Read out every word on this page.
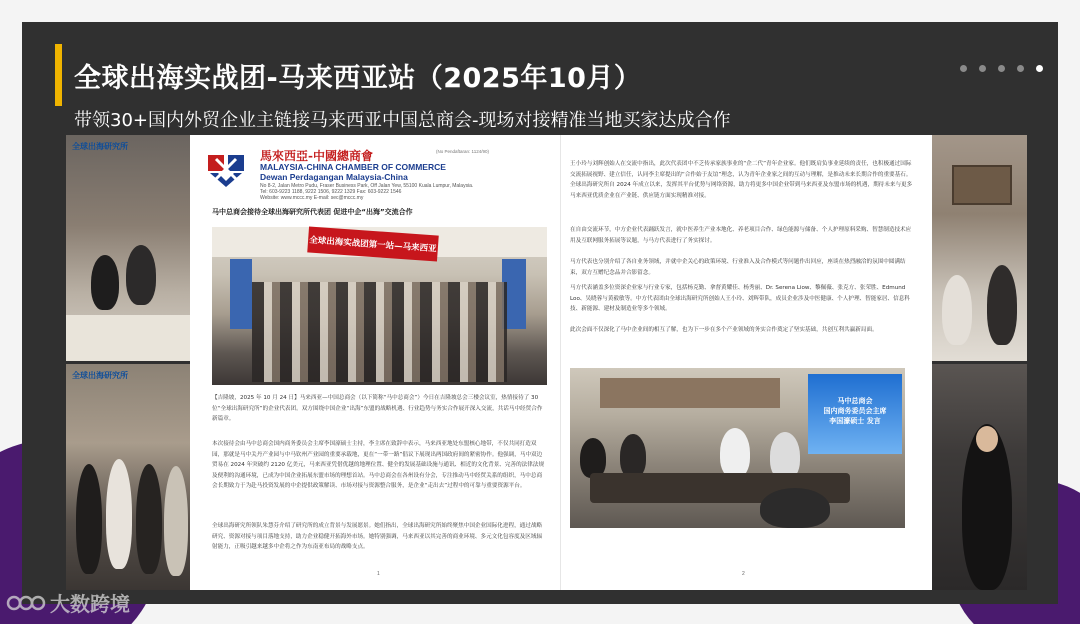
全球出海实战团-马来西亚站（2025年10月）
带领30+国内外贸企业主链接马来西亚中国总商会-现场对接精准当地买家达成合作
全球出海研究所
全球出海研究所
馬來西亞-中國總商會	(No Pendaftaran: 1124/90)
MALAYSIA-CHINA CHAMBER OF COMMERCE
Dewan Perdagangan Malaysia-China
No 8-2, Jalan Metro Pudu, Fraser Business Park, Off Jalan Yew, 55100 Kuala Lumpur, Malaysia.
Tel: 603-9223 1188, 9222 1506, 9222 1329 Fax: 603-9222 1546
Website: www.mccc.my E-mail: sec@mccc.my
马中总商会接待全球出海研究所代表团 促进中企“出海”交流合作
全球出海实战团第一站—马来西亚
【吉隆坡，2025 年 10 月 24 日】马来西亚—中国总商会（以下简称“马中总商会”）今日在吉隆坡总会三楼会议室，热情接待了 30 位“全球出海研究所”的企业代表团。双方围绕中国企业“出海”东盟的战略机遇、行业趋势与务实合作展开深入交流，共话马中经贸合作新篇章。
本次接待会由马中总商会国内商务委员会主席李国濠硕士主持，李主席在致辞中表示，马来西亚地处东盟核心地带，不仅共同打造双园，那就是马中关丹产业园与中马钦州产业园的重要承载地，更在“一带一路”倡议下展现出两国政府间的紧密协作。他强调，马中双边贸易在 2024 年突破约 2120 亿美元，马来西亚凭借优越的地理位置、健全的发展基础设施与通讯、相近的文化背景、完善的法律法规及便利的沟通环境，已成为中国企业拓展东盟市场的理想首站。马中总商会在各州设有分会，专注推动马中经贸关系的组织，马中总商会长期致力于为赴马投资发展的中企提供政策解读、市场对接与资源整合服务，是企业“走出去”过程中的可靠与重要资源平台。
全球出海研究所领队朱慧芬介绍了研究所的成立背景与发展愿景。她们指出，全球出海研究所始终聚焦中国企业国际化进程，通过战略研究、资源对接与项目落地支持，助力企业稳健开拓海外市场。她特别强调，马来西亚以其完善的商业环境、多元文化包容度及区域辐射能力，正吸引越来越多中企将之作为东南亚布局的战略支点。
王小玲与刘辉创始人在交流中指出，此次代表团中不乏传承家族事业的“企二代”青年企业家。他们既肩负事业延续的责任，也积极通过国际交流拓展视野、建立信任，认同李主席提出的“合作始于友谊”理念，认为青年企业家之间的互动与理解，是推动未来长期合作的重要基石。全球出海研究所自 2024 年成立以来，发挥其平台优势与网络资源，助力将更多中国企业带到马来西亚及东盟市场的机遇，期待未来与更多马来西亚优质企业在产业链、供应链方面实现精准对接。
在自由交流环节，中方企业代表踊跃发言，就中医养生产业本地化、养老项目合作、绿色能源与储备、个人护理原料采购、智慧制造技术应用及互联网服务拓展等议题，与马方代表进行了务实探讨。
马方代表也分别介绍了各自业务领域，并就中企关心的政策环境、行业准入及合作模式等问题作出回应，座谈在热烈融洽的氛围中圆满结束，双方互赠纪念品并合影留念。
马方代表涵盖多位资深企业家与行业专家，包括杨克勤、拿督黄耀佳、杨秀丽、Dr. Serena Liow、黎佩薇、张克方、张荣胜、Edmund Loo、吴晓蓉与黄毅敏等。中方代表团由全球出海研究所创始人王小玲、刘辉带队，成员企业涉及中医健康、个人护理、智能家居、信息科技、新能源、建材及制造业等多个领域。
此次会面不仅深化了马中企业间的相互了解，也为下一步在多个产业领域的务实合作奠定了坚实基础，共创互利共赢新局面。
马中总商会
国内商务委员会主席
李国濠硕士 发言
1	2
大数跨境
